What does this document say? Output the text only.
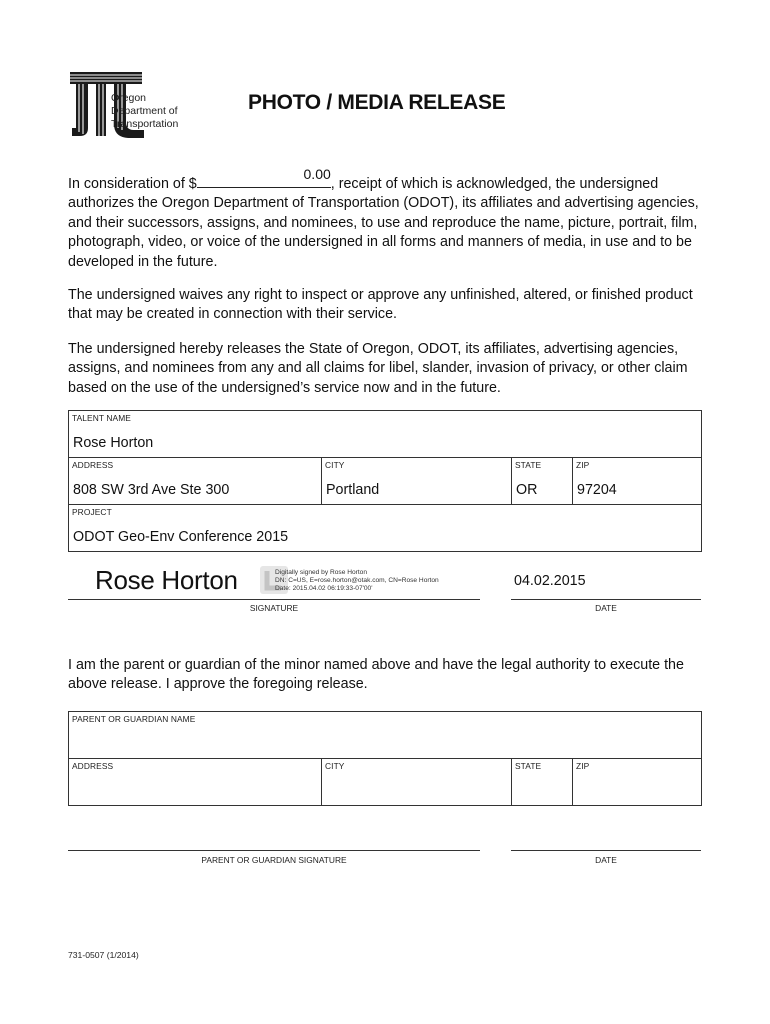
Oregon
Department of
Transportation
PHOTO / MEDIA RELEASE
In consideration of $
0.00
, receipt of which is acknowledged, the undersigned authorizes the Oregon Department of Transportation (ODOT), its affiliates and advertising agencies, and their successors, assigns, and nominees, to use and reproduce the name, picture, portrait, film, photograph, video, or voice of the undersigned in all forms and manners of media, in use and to be developed in the future.
The undersigned waives any right to inspect or approve any unfinished, altered, or finished product that may be created in connection with their service.
The undersigned hereby releases the State of Oregon, ODOT, its affiliates, advertising agencies, assigns, and nominees from any and all claims for libel, slander, invasion of privacy, or other claim based on the use of the undersigned’s service now and in the future.
TALENT NAME
Rose Horton
ADDRESS
808 SW 3rd Ave Ste 300
CITY
Portland
STATE
OR
ZIP
97204
PROJECT
ODOT Geo-Env Conference 2015
Rose Horton	Digitally signed by Rose Horton
DN: C=US, E=rose.horton@otak.com, CN=Rose Horton
Date: 2015.04.02 06:19:33-07'00'
SIGNATURE
04.02.2015
DATE
I am the parent or guardian of the minor named above and have the legal authority to execute the above release. I approve the foregoing release.
PARENT OR GUARDIAN NAME
ADDRESS	CITY	STATE	ZIP
PARENT OR GUARDIAN SIGNATURE	DATE
731-0507 (1/2014)
